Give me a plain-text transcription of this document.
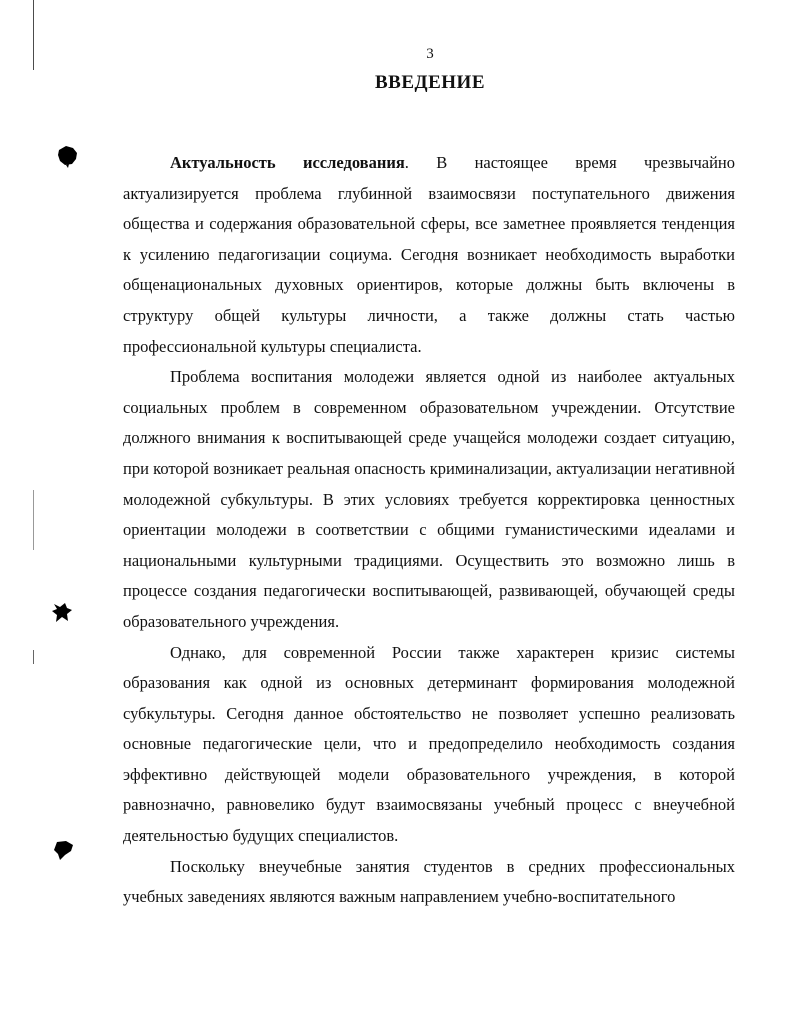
3
ВВЕДЕНИЕ

Актуальность исследования. В настоящее время чрезвычайно актуализируется проблема глубинной взаимосвязи поступательного движения общества и содержания образовательной сферы, все заметнее проявляется тенденция к усилению педагогизации социума. Сегодня возникает необходимость выработки общенациональных духовных ориентиров, которые должны быть включены в структуру общей культуры личности, а также должны стать частью профессиональной культуры специалиста.

Проблема воспитания молодежи является одной из наиболее актуальных социальных проблем в современном образовательном учреждении. Отсутствие должного внимания к воспитывающей среде учащейся молодежи создает ситуацию, при которой возникает реальная опасность криминализации, актуализации негативной молодежной субкультуры. В этих условиях требуется корректировка ценностных ориентации молодежи в соответствии с общими гуманистическими идеалами и национальными культурными традициями. Осуществить это возможно лишь в процессе создания педагогически воспитывающей, развивающей, обучающей среды образовательного учреждения.

Однако, для современной России также характерен кризис системы образования как одной из основных детерминант формирования молодежной субкультуры. Сегодня данное обстоятельство не позволяет успешно реализовать основные педагогические цели, что и предопределило необходимость создания эффективно действующей модели образовательного учреждения, в которой равнозначно, равновелико будут взаимосвязаны учебный процесс с внеучебной деятельностью будущих специалистов.

Поскольку внеучебные занятия студентов в средних профессиональных учебных заведениях являются важным направлением учебно-воспитательного
